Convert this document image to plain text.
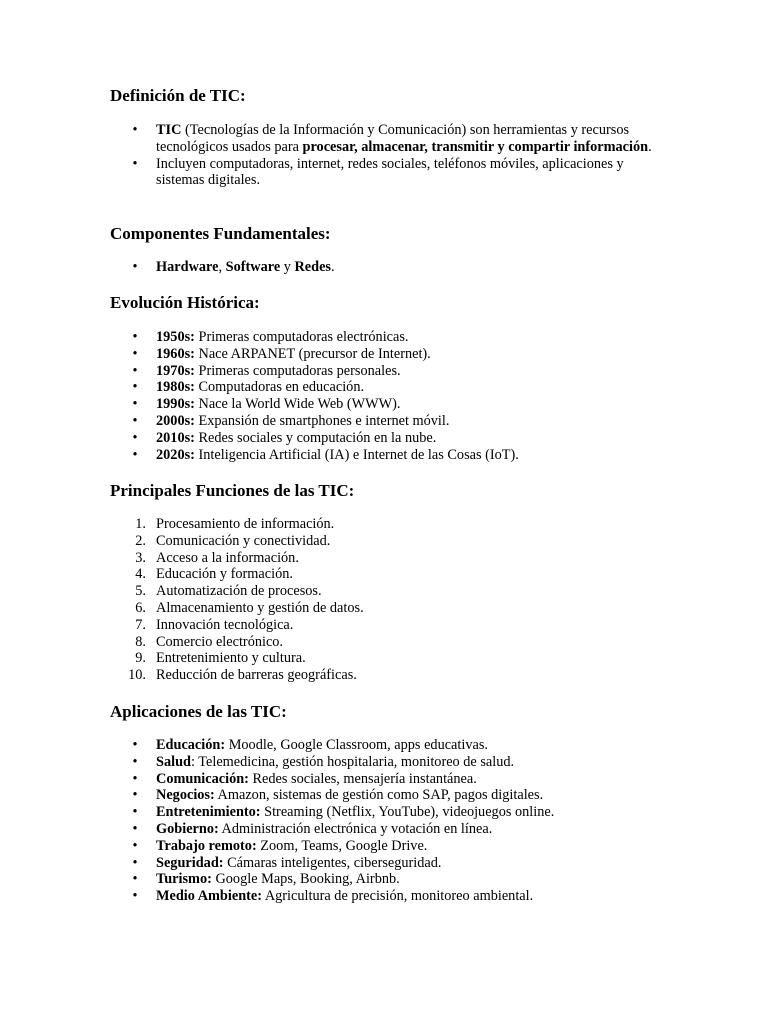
Definición de TIC:
• TIC (Tecnologías de la Información y Comunicación) son herramientas y recursos tecnológicos usados para procesar, almacenar, transmitir y compartir información.
• Incluyen computadoras, internet, redes sociales, teléfonos móviles, aplicaciones y sistemas digitales.
Componentes Fundamentales:
• Hardware, Software y Redes.
Evolución Histórica:
• 1950s: Primeras computadoras electrónicas.
• 1960s: Nace ARPANET (precursor de Internet).
• 1970s: Primeras computadoras personales.
• 1980s: Computadoras en educación.
• 1990s: Nace la World Wide Web (WWW).
• 2000s: Expansión de smartphones e internet móvil.
• 2010s: Redes sociales y computación en la nube.
• 2020s: Inteligencia Artificial (IA) e Internet de las Cosas (IoT).
Principales Funciones de las TIC:
1. Procesamiento de información.
2. Comunicación y conectividad.
3. Acceso a la información.
4. Educación y formación.
5. Automatización de procesos.
6. Almacenamiento y gestión de datos.
7. Innovación tecnológica.
8. Comercio electrónico.
9. Entretenimiento y cultura.
10. Reducción de barreras geográficas.
Aplicaciones de las TIC:
• Educación: Moodle, Google Classroom, apps educativas.
• Salud: Telemedicina, gestión hospitalaria, monitoreo de salud.
• Comunicación: Redes sociales, mensajería instantánea.
• Negocios: Amazon, sistemas de gestión como SAP, pagos digitales.
• Entretenimiento: Streaming (Netflix, YouTube), videojuegos online.
• Gobierno: Administración electrónica y votación en línea.
• Trabajo remoto: Zoom, Teams, Google Drive.
• Seguridad: Cámaras inteligentes, ciberseguridad.
• Turismo: Google Maps, Booking, Airbnb.
• Medio Ambiente: Agricultura de precisión, monitoreo ambiental.
